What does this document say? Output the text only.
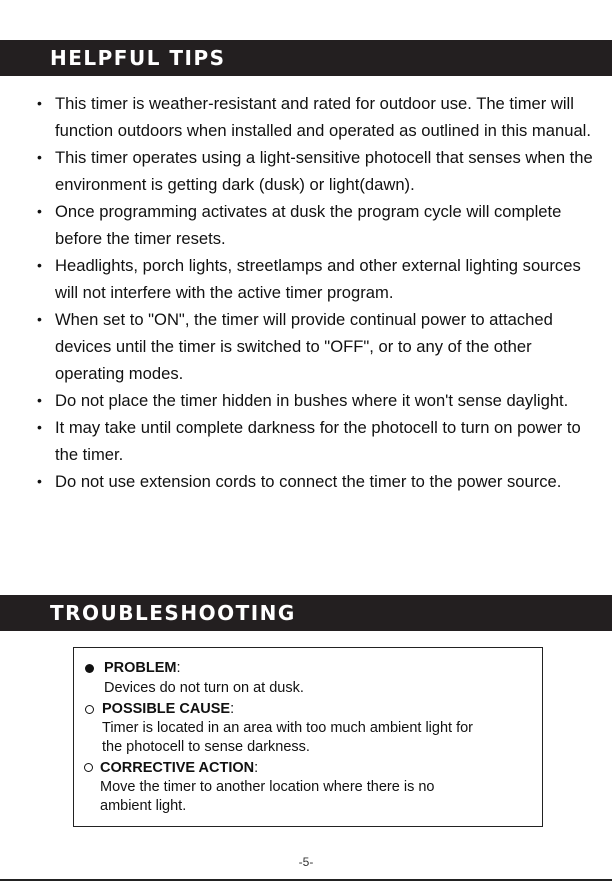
HELPFUL TIPS
• This timer is weather-resistant and rated for outdoor use. The timer will function outdoors when installed and operated as outlined in this manual.
• This timer operates using a light-sensitive photocell that senses when the environment is getting dark (dusk) or light(dawn).
• Once programming activates at dusk the program cycle will complete before the timer resets.
• Headlights, porch lights, streetlamps and other external lighting sources will not interfere with the active timer program.
• When set to "ON", the timer will provide continual power to attached devices until the timer is switched to "OFF", or to any of the other operating modes.
• Do not place the timer hidden in bushes where it won't sense daylight.
• It may take until complete darkness for the photocell to turn on power to the timer.
• Do not use extension cords to connect the timer to the power source.
TROUBLESHOOTING
PROBLEM:
Devices do not turn on at dusk.
POSSIBLE CAUSE:
Timer is located in an area with too much ambient light for
the photocell to sense darkness.
CORRECTIVE ACTION:
Move the timer to another location where there is no
ambient light.
-5-
